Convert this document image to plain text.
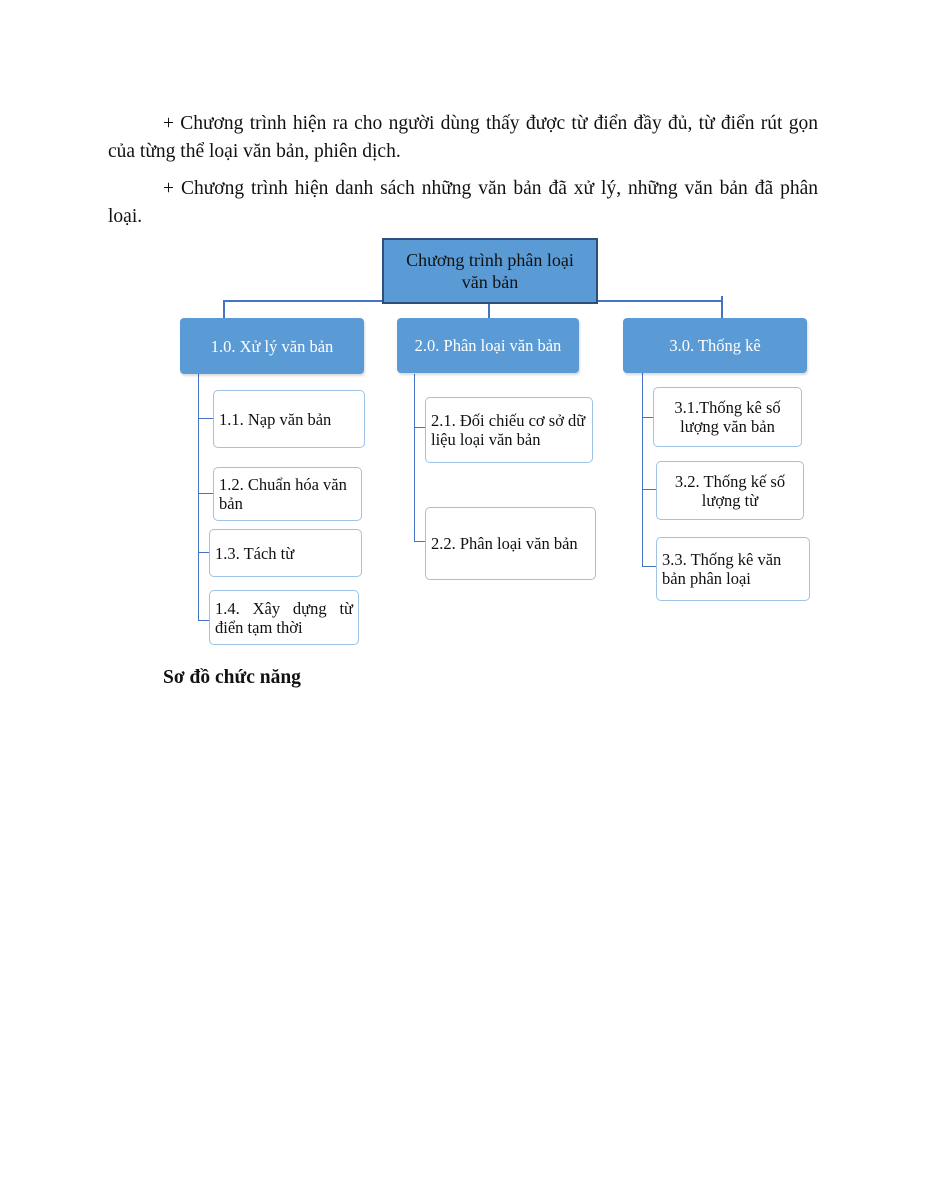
+ Chương trình hiện ra cho người dùng thấy được từ điển đầy đủ, từ điển rút gọn của từng thể loại văn bản, phiên dịch.

+ Chương trình hiện danh sách những văn bản đã xử lý, những văn bản đã phân loại.

Chương trình phân loại văn bản
1.0. Xử lý văn bản	2.0. Phân loại văn bản	3.0. Thống kê
1.1. Nạp văn bản
1.2. Chuẩn hóa văn bản
1.3. Tách từ
1.4. Xây dựng từ điển tạm thời
2.1. Đối chiếu cơ sở dữ liệu loại văn bản
2.2. Phân loại văn bản
3.1.Thống kê số lượng văn bản
3.2. Thống kế số lượng từ
3.3. Thống kê văn bản phân loại

Sơ đồ chức năng
